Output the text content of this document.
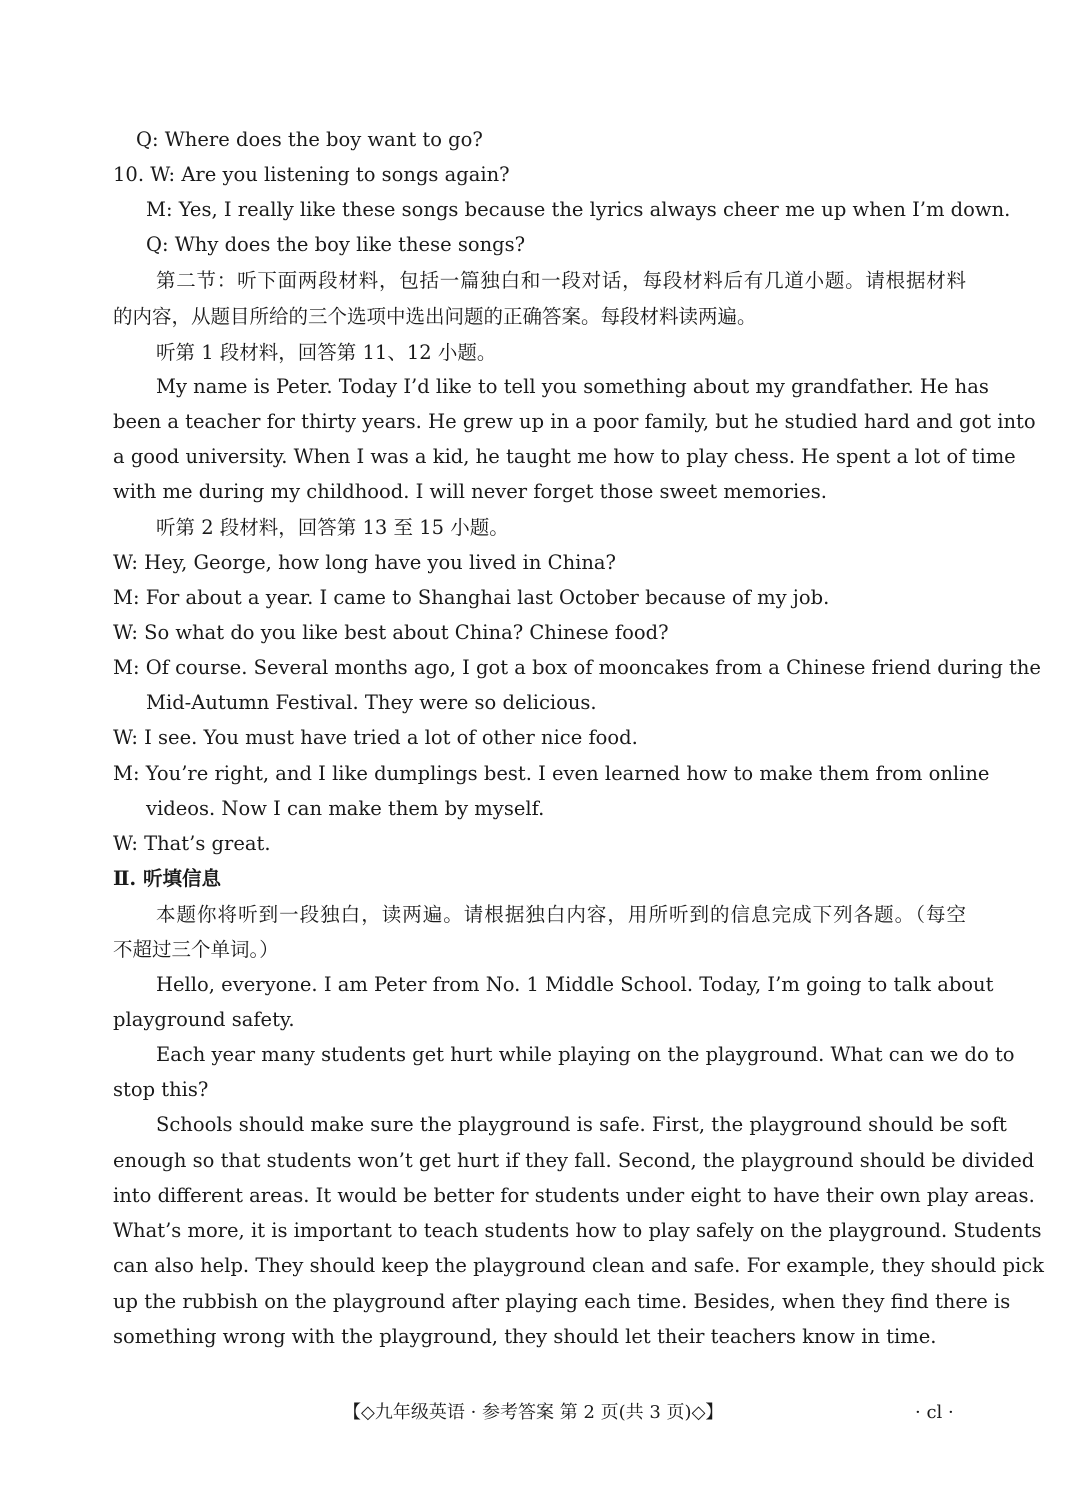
Q: Where does the boy want to go?
10. W: Are you listening to songs again?
M: Yes, I really like these songs because the lyrics always cheer me up when I’m down.
Q: Why does the boy like these songs?
第二节：听下面两段材料，包括一篇独白和一段对话，每段材料后有几道小题。请根据材料
的内容，从题目所给的三个选项中选出问题的正确答案。每段材料读两遍。
听第 1 段材料，回答第 11、12 小题。
My name is Peter. Today I’d like to tell you something about my grandfather. He has
been a teacher for thirty years. He grew up in a poor family, but he studied hard and got into
a good university. When I was a kid, he taught me how to play chess. He spent a lot of time
with me during my childhood. I will never forget those sweet memories.
听第 2 段材料，回答第 13 至 15 小题。
W: Hey, George, how long have you lived in China?
M: For about a year. I came to Shanghai last October because of my job.
W: So what do you like best about China? Chinese food?
M: Of course. Several months ago, I got a box of mooncakes from a Chinese friend during the
Mid-Autumn Festival. They were so delicious.
W: I see. You must have tried a lot of other nice food.
M: You’re right, and I like dumplings best. I even learned how to make them from online
videos. Now I can make them by myself.
W: That’s great.
Ⅱ. 听填信息
本题你将听到一段独白，读两遍。请根据独白内容，用所听到的信息完成下列各题。（每空
不超过三个单词。）
Hello, everyone. I am Peter from No. 1 Middle School. Today, I’m going to talk about
playground safety.
Each year many students get hurt while playing on the playground. What can we do to
stop this?
Schools should make sure the playground is safe. First, the playground should be soft
enough so that students won’t get hurt if they fall. Second, the playground should be divided
into different areas. It would be better for students under eight to have their own play areas.
What’s more, it is important to teach students how to play safely on the playground. Students
can also help. They should keep the playground clean and safe. For example, they should pick
up the rubbish on the playground after playing each time. Besides, when they find there is
something wrong with the playground, they should let their teachers know in time.
【◇九年级英语 · 参考答案 第 2 页(共 3 页)◇】	· cl ·
